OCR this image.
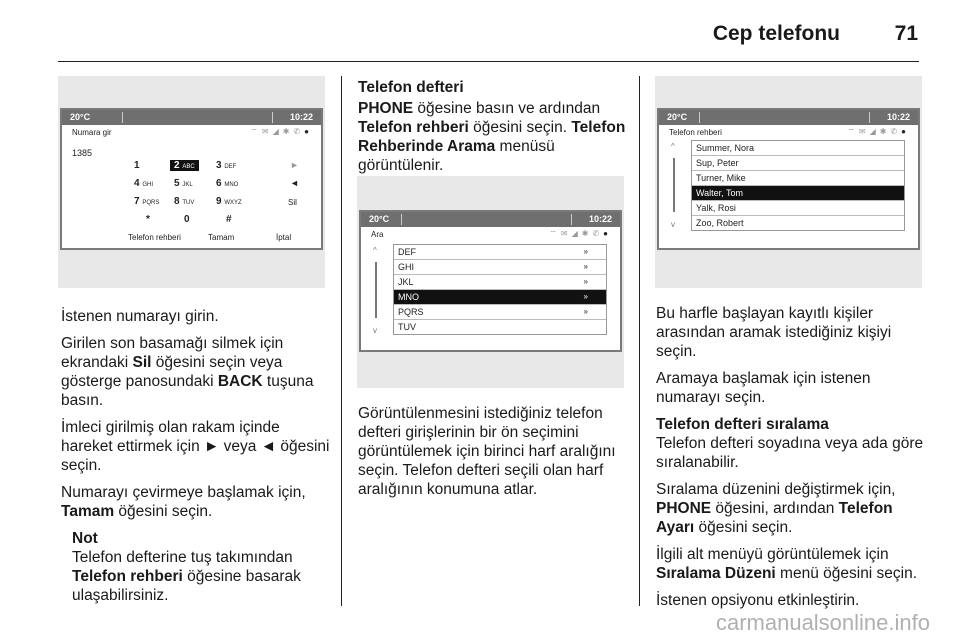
Cep telefonu	71
20°C	10:22
Numara gir	⌔✉◢✱✆●
1385
1	2 ABC	3 DEF
4 GHI 5 JKL 6 MNO
7 PQRS 8 TUV 9 WXYZ
*	0	#
►
◄
Sil
Telefon rehberi	Tamam	İptal

İstenen numarayı girin.

Girilen son basamağı silmek için ekrandaki Sil öğesini seçin veya gösterge panosundaki BACK tuşuna basın.

İmleci girilmiş olan rakam içinde hareket ettirmek için ► veya ◄ öğesini seçin.

Numarayı çevirmeye başlamak için, Tamam öğesini seçin.

Not
Telefon defterine tuş takımından Telefon rehberi öğesine basarak ulaşabilirsiniz.
Telefon defteri

PHONE öğesine basın ve ardından Telefon rehberi öğesini seçin. Telefon Rehberinde Arama menüsü görüntülenir.

20°C	10:22
Ara	⌔✉◢✱✆●
^
v
DEF	»
GHI	»
JKL	»
MNO	»
PQRS	»
TUV

Görüntülenmesini istediğiniz telefon defteri girişlerinin bir ön seçimini görüntülemek için birinci harf aralığını seçin. Telefon defteri seçili olan harf aralığının konumuna atlar.

20°C	10:22
Telefon rehberi	⌔✉◢✱✆●
^
v
Summer, Nora
Sup, Peter
Turner, Mike
Walter, Tom
Yalk, Rosi
Zoo, Robert

Bu harfle başlayan kayıtlı kişiler arasından aramak istediğiniz kişiyi seçin.

Aramaya başlamak için istenen numarayı seçin.

Telefon defteri sıralama

Telefon defteri soyadına veya ada göre sıralanabilir.

Sıralama düzenini değiştirmek için, PHONE öğesini, ardından Telefon Ayarı öğesini seçin.

İlgili alt menüyü görüntülemek için Sıralama Düzeni menü öğesini seçin.

İstenen opsiyonu etkinleştirin.

carmanualsonline.info
